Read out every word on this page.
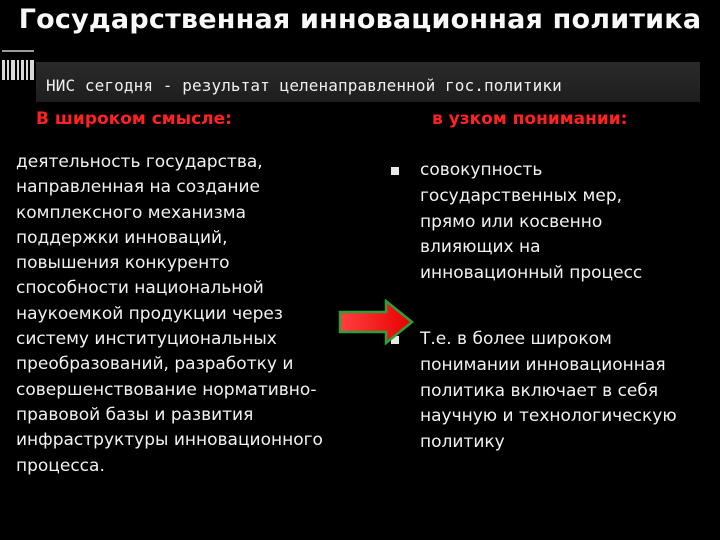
Государственная инновационная политика
НИС сегодня - результат целенаправленной гос.политики
В широком смысле:	в узком понимании:
деятельность государства,
направленная на создание
комплексного механизма
поддержки инноваций,
повышения конкуренто
способности национальной
наукоемкой продукции через
систему институциональных
преобразований, разработку и
совершенствование нормативно-
правовой базы и развития
инфраструктуры инновационного
процесса.
совокупность
государственных мер,
прямо или косвенно
влияющих на
инновационный процесс
Т.е. в более широком
понимании инновационная
политика включает в себя
научную и технологическую
политику
